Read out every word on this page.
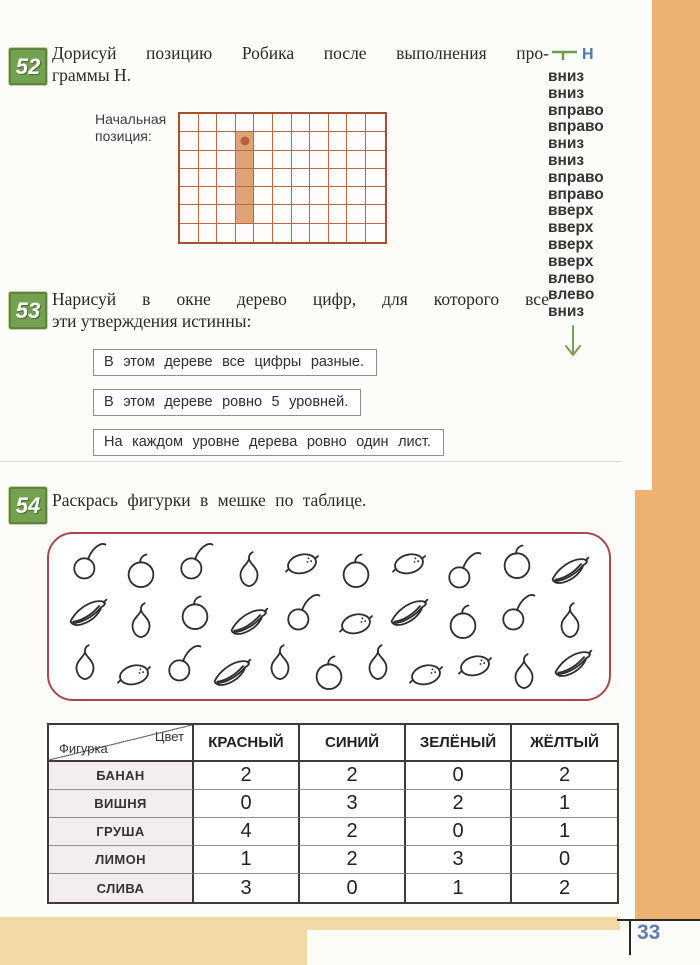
33
52
Дорисуй позицию Робика после выполнения про-
граммы Н.
Начальная позиция:
Н
вниз
вниз
вправо
вправо
вниз
вниз
вправо
вправо
вверх
вверх
вверх
вверх
влево
влево
вниз
53 Нарисуй в окне дерево цифр, для которого все
эти утверждения истинны:
В этом дереве все цифры разные.
В этом дереве ровно 5 уровней.
На каждом уровне дерева ровно один лист.
54 Раскрась фигурки в мешке по таблице.
Цвет
Фигурка	КРАСНЫЙ	СИНИЙ	ЗЕЛЁНЫЙ	ЖЁЛТЫЙ
БАНАН	2	2	0	2
ВИШНЯ	0	3	2	1
ГРУША	4	2	0	1
ЛИМОН	1	2	3	0
СЛИВА	3	0	1	2
